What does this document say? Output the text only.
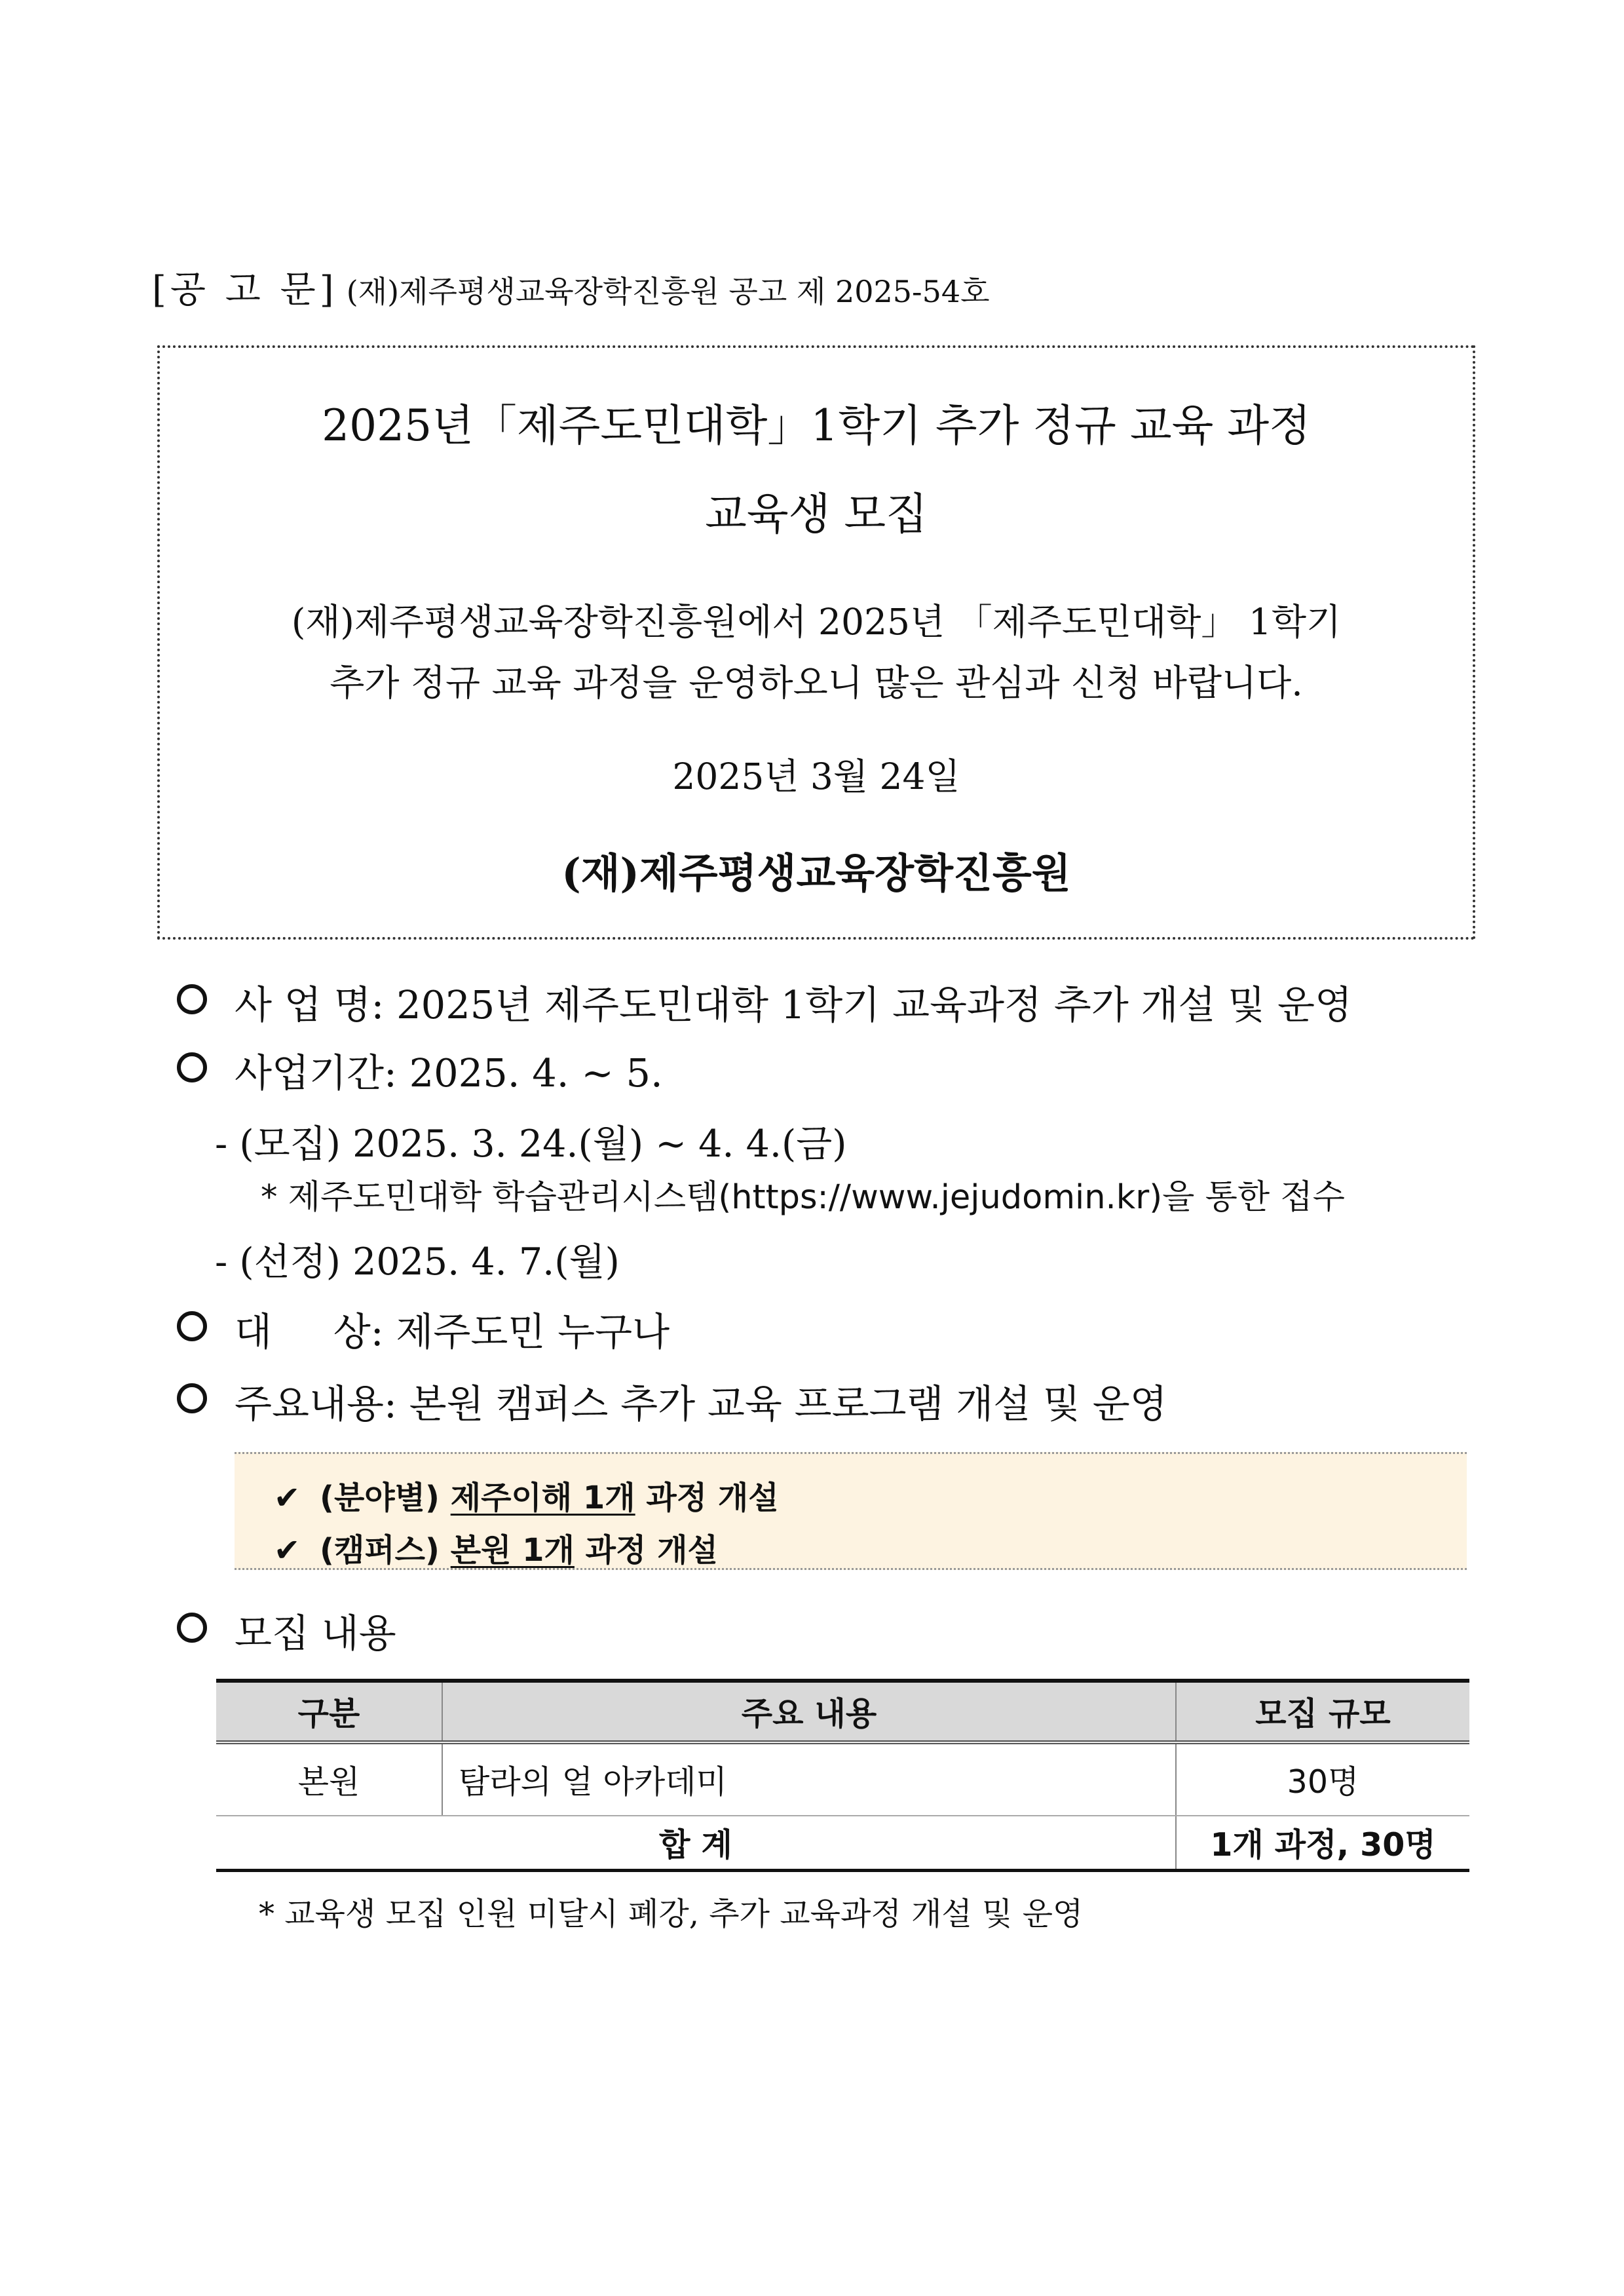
[공 고 문] (재)제주평생교육장학진흥원 공고 제 2025-54호
2025년「제주도민대학」1학기 추가 정규 교육 과정
교육생 모집
(재)제주평생교육장학진흥원에서 2025년 「제주도민대학」 1학기
추가 정규 교육 과정을 운영하오니 많은 관심과 신청 바랍니다.
2025년 3월 24일
(재)제주평생교육장학진흥원
사 업 명: 2025년 제주도민대학 1학기 교육과정 추가 개설 및 운영
사업기간: 2025. 4. ~ 5.
- (모집) 2025. 3. 24.(월) ~ 4. 4.(금)
* 제주도민대학 학습관리시스템(https://www.jejudomin.kr)을 통한 접수
- (선정) 2025. 4. 7.(월)
대     상: 제주도민 누구나
주요내용: 본원 캠퍼스 추가 교육 프로그램 개설 및 운영
✔ (분야별) 제주이해 1개 과정 개설
✔ (캠퍼스) 본원 1개 과정 개설
모집 내용
구분	주요 내용	모집 규모
본원	탐라의 얼 아카데미	30명
합 계		1개 과정, 30명
* 교육생 모집 인원 미달시 폐강, 추가 교육과정 개설 및 운영
